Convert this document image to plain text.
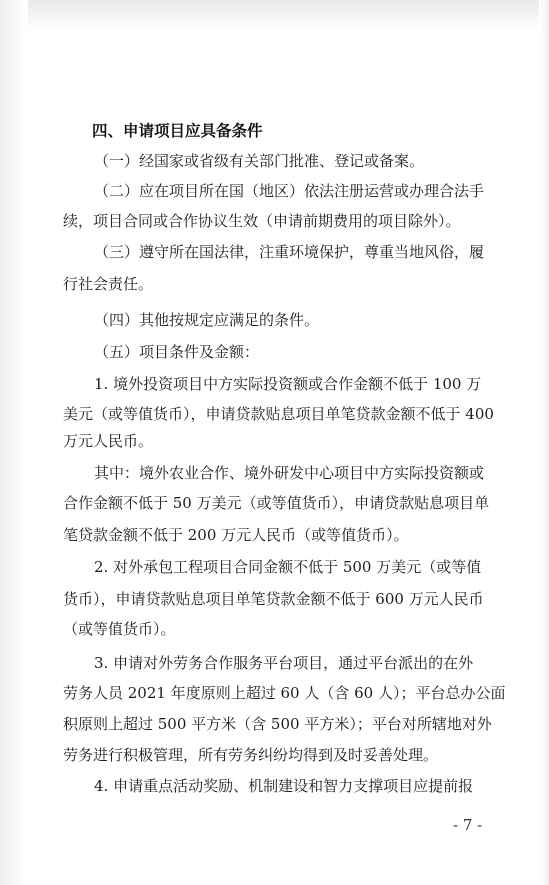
四、申请项目应具备条件
（一）经国家或省级有关部门批准、登记或备案。
（二）应在项目所在国（地区）依法注册运营或办理合法手
续，项目合同或合作协议生效（申请前期费用的项目除外）。
（三）遵守所在国法律，注重环境保护，尊重当地风俗，履
行社会责任。
（四）其他按规定应满足的条件。
（五）项目条件及金额：
1. 境外投资项目中方实际投资额或合作金额不低于 100 万
美元（或等值货币），申请贷款贴息项目单笔贷款金额不低于 400
万元人民币。
其中：境外农业合作、境外研发中心项目中方实际投资额或
合作金额不低于 50 万美元（或等值货币），申请贷款贴息项目单
笔贷款金额不低于 200 万元人民币（或等值货币）。
2. 对外承包工程项目合同金额不低于 500 万美元（或等值
货币），申请贷款贴息项目单笔贷款金额不低于 600 万元人民币
（或等值货币）。
3. 申请对外劳务合作服务平台项目，通过平台派出的在外
劳务人员 2021 年度原则上超过 60 人（含 60 人）；平台总办公面
积原则上超过 500 平方米（含 500 平方米）；平台对所辖地对外
劳务进行积极管理，所有劳务纠纷均得到及时妥善处理。
4. 申请重点活动奖励、机制建设和智力支撑项目应提前报
- 7 -
